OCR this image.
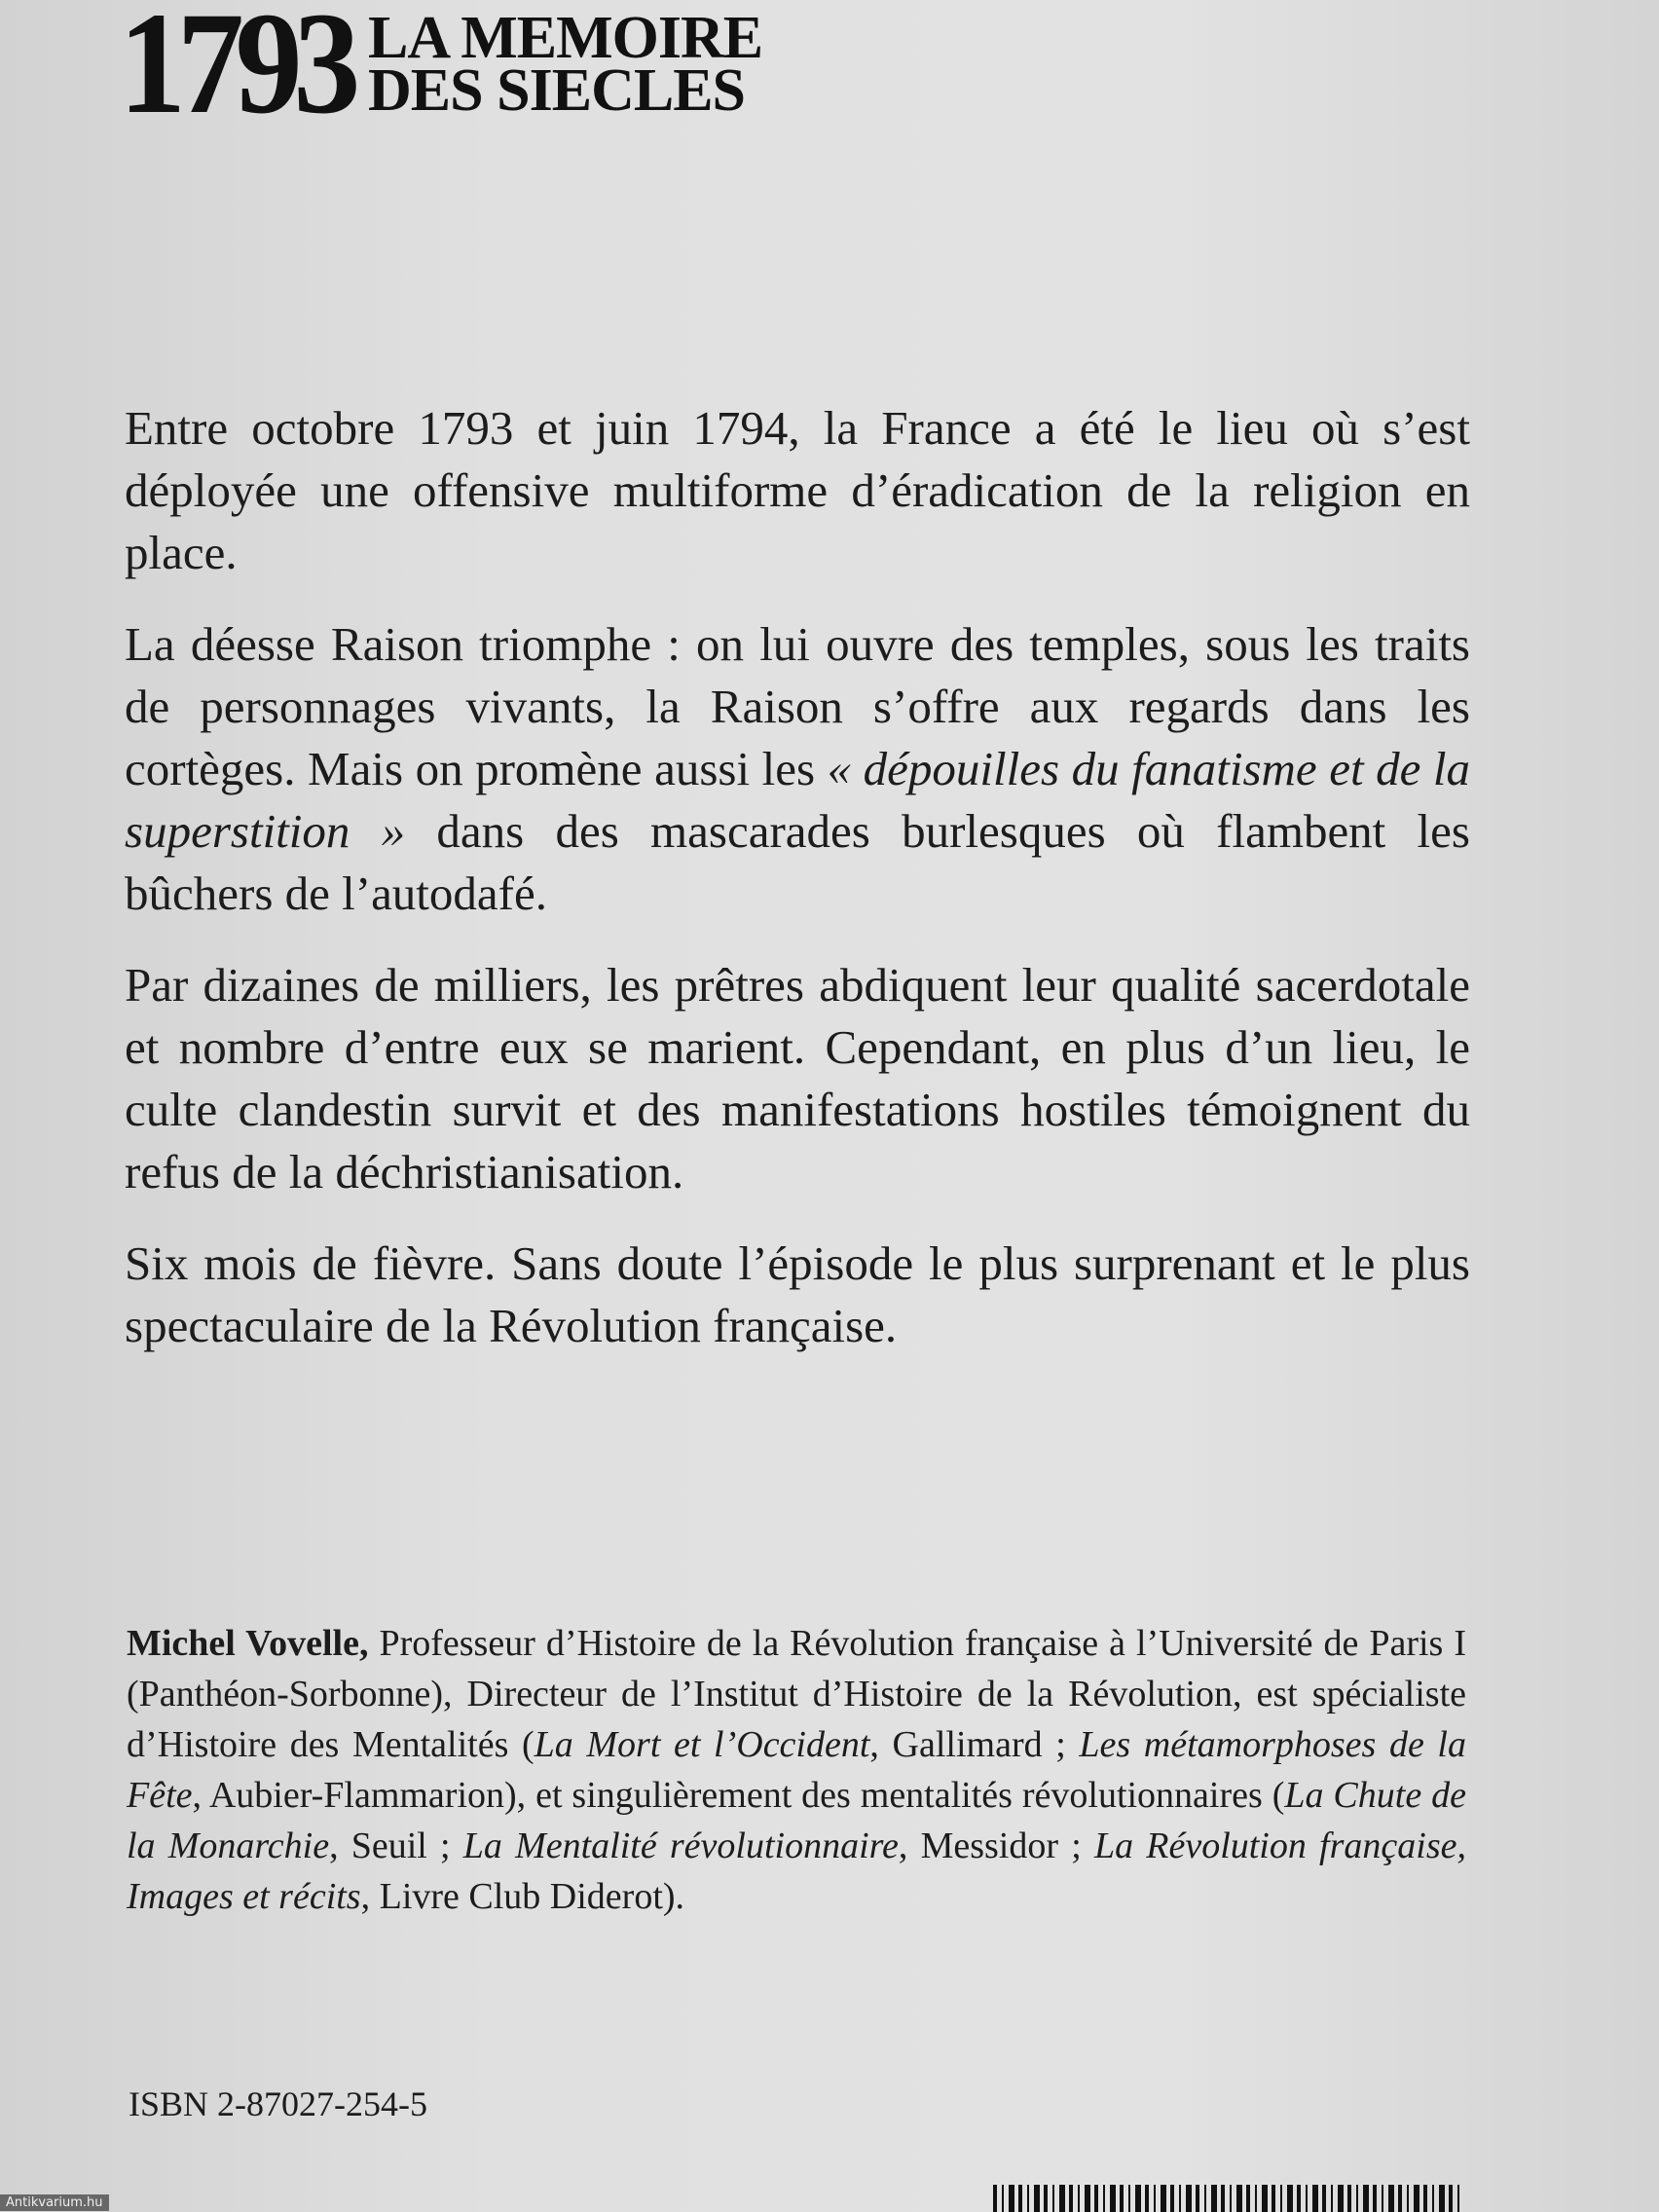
1793 LA MEMOIRE
DES SIECLES

Entre octobre 1793 et juin 1794, la France a été le lieu où s’est déployée une offensive multiforme d’éradication de la religion en place.

La déesse Raison triomphe : on lui ouvre des temples, sous les traits de personnages vivants, la Raison s’offre aux regards dans les cortèges. Mais on promène aussi les « dépouilles du fanatisme et de la superstition » dans des mascarades burlesques où flambent les bûchers de l’autodafé.

Par dizaines de milliers, les prêtres abdiquent leur qualité sacerdotale et nombre d’entre eux se marient. Cependant, en plus d’un lieu, le culte clandestin survit et des manifestations hostiles témoignent du refus de la déchristianisation.

Six mois de fièvre. Sans doute l’épisode le plus surprenant et le plus spectaculaire de la Révolution française.

Michel Vovelle, Professeur d’Histoire de la Révolution française à l’Université de Paris I (Panthéon-Sorbonne), Directeur de l’Institut d’Histoire de la Révolution, est spécialiste d’Histoire des Mentalités (La Mort et l’Occident, Gallimard ; Les métamorphoses de la Fête, Aubier-Flammarion), et singulièrement des mentalités révolutionnaires (La Chute de la Monarchie, Seuil ; La Mentalité révolutionnaire, Messidor ; La Révolution française, Images et récits, Livre Club Diderot).

ISBN 2-87027-254-5
Antikvarium.hu
